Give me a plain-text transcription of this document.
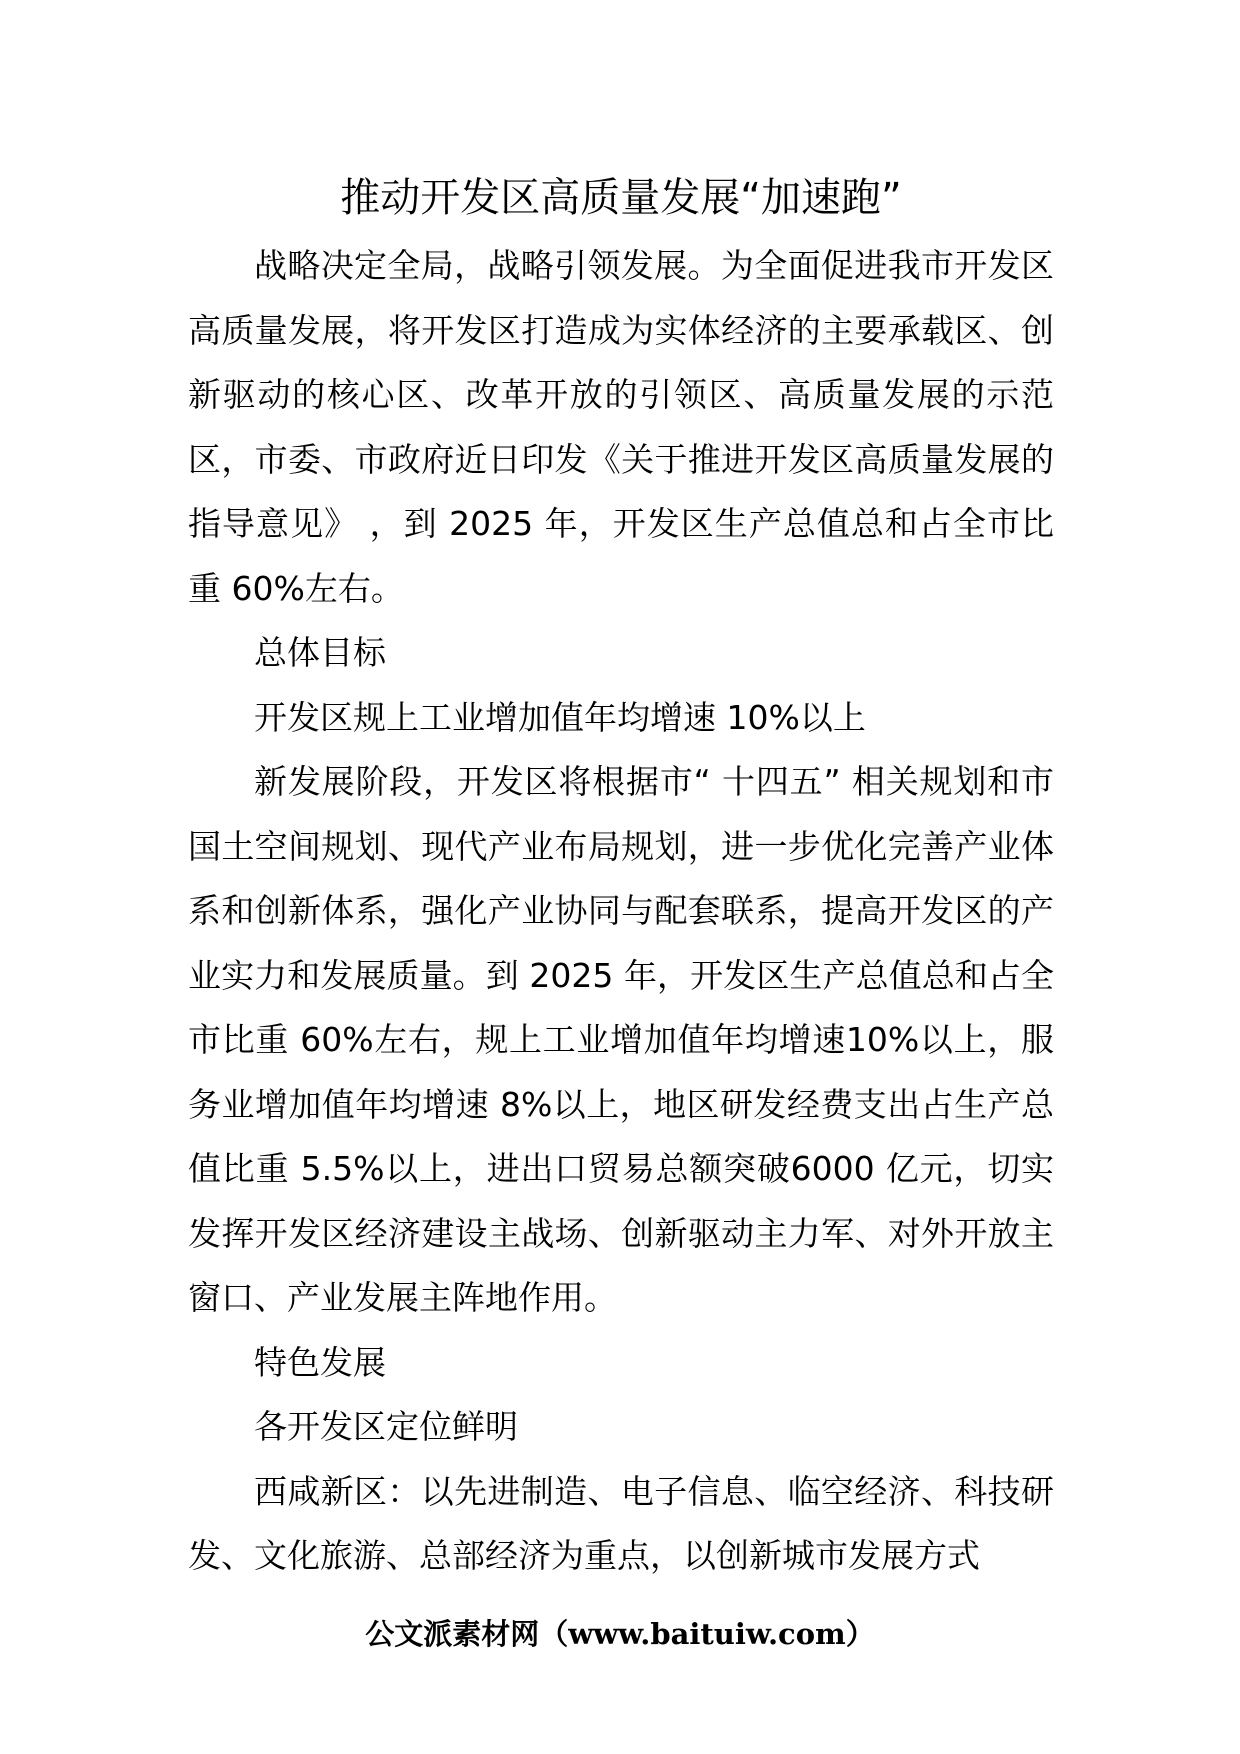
推动开发区高质量发展“加速跑”

战略决定全局，战略引领发展。为全面促进我市开发区高质量发展，将开发区打造成为实体经济的主要承载区、创新驱动的核心区、改革开放的引领区、高质量发展的示范区，市委、市政府近日印发《关于推进开发区高质量发展的指导意见》 ，到 2025 年，开发区生产总值总和占全市比重 60%左右。

总体目标

开发区规上工业增加值年均增速 10%以上

新发展阶段，开发区将根据市“ 十四五” 相关规划和市国土空间规划、现代产业布局规划，进一步优化完善产业体系和创新体系，强化产业协同与配套联系，提高开发区的产业实力和发展质量。到 2025 年，开发区生产总值总和占全市比重 60%左右，规上工业增加值年均增速10%以上，服务业增加值年均增速 8%以上，地区研发经费支出占生产总值比重 5.5%以上，进出口贸易总额突破6000 亿元，切实发挥开发区经济建设主战场、创新驱动主力军、对外开放主窗口、产业发展主阵地作用。

特色发展

各开发区定位鲜明

西咸新区：以先进制造、电子信息、临空经济、科技研发、文化旅游、总部经济为重点，以创新城市发展方式

公文派素材网（www.baituiw.com）
